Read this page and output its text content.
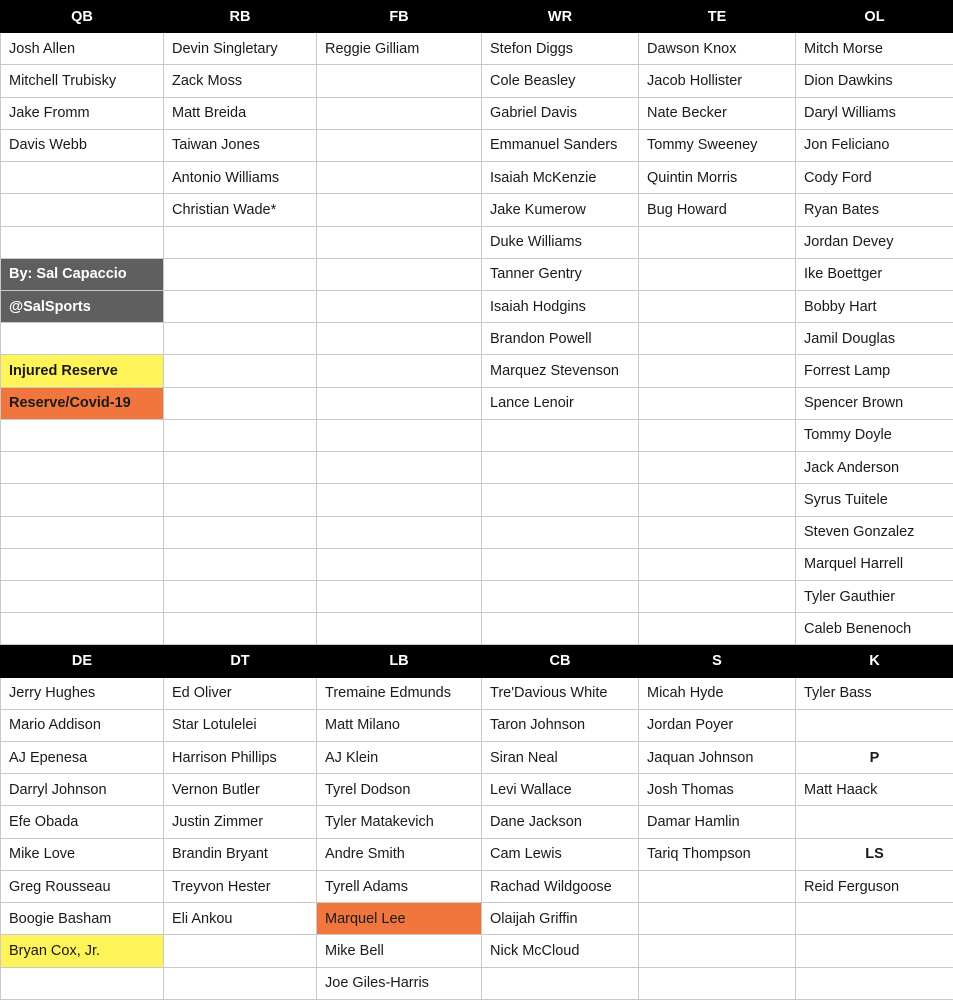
QB	RB	FB	WR	TE	OL
Josh Allen	Devin Singletary	Reggie Gilliam	Stefon Diggs	Dawson Knox	Mitch Morse
Mitchell Trubisky	Zack Moss		Cole Beasley	Jacob Hollister	Dion Dawkins
Jake Fromm	Matt Breida		Gabriel Davis	Nate Becker	Daryl Williams
Davis Webb	Taiwan Jones		Emmanuel Sanders	Tommy Sweeney	Jon Feliciano
	Antonio Williams		Isaiah McKenzie	Quintin Morris	Cody Ford
	Christian Wade*		Jake Kumerow	Bug Howard	Ryan Bates
			Duke Williams		Jordan Devey
By: Sal Capaccio			Tanner Gentry		Ike Boettger
@SalSports			Isaiah Hodgins		Bobby Hart
			Brandon Powell		Jamil Douglas
Injured Reserve			Marquez Stevenson		Forrest Lamp
Reserve/Covid-19			Lance Lenoir		Spencer Brown
					Tommy Doyle
					Jack Anderson
					Syrus Tuitele
					Steven Gonzalez
					Marquel Harrell
					Tyler Gauthier
					Caleb Benenoch
DE	DT	LB	CB	S	K
Jerry Hughes	Ed Oliver	Tremaine Edmunds	Tre'Davious White	Micah Hyde	Tyler Bass
Mario Addison	Star Lotulelei	Matt Milano	Taron Johnson	Jordan Poyer	
AJ Epenesa	Harrison Phillips	AJ Klein	Siran Neal	Jaquan Johnson	P
Darryl Johnson	Vernon Butler	Tyrel Dodson	Levi Wallace	Josh Thomas	Matt Haack
Efe Obada	Justin Zimmer	Tyler Matakevich	Dane Jackson	Damar Hamlin	
Mike Love	Brandin Bryant	Andre Smith	Cam Lewis	Tariq Thompson	LS
Greg Rousseau	Treyvon Hester	Tyrell Adams	Rachad Wildgoose		Reid Ferguson
Boogie Basham	Eli Ankou	Marquel Lee	Olaijah Griffin		
Bryan Cox, Jr.		Mike Bell	Nick McCloud		
		Joe Giles-Harris			
